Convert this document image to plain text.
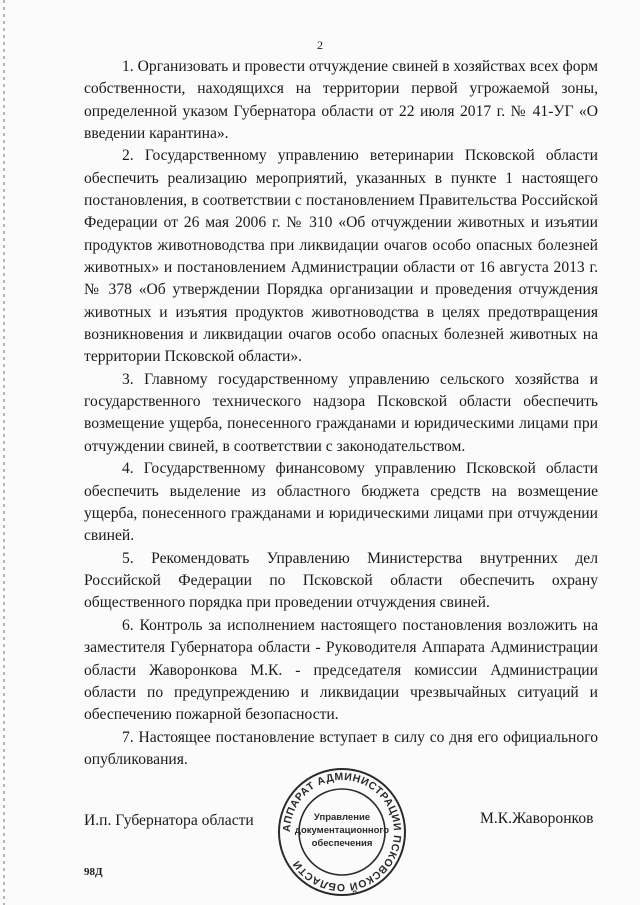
2

1. Организовать и провести отчуждение свиней в хозяйствах всех форм собственности, находящихся на территории первой угрожаемой зоны, определенной указом Губернатора области от 22 июля 2017 г. № 41-УГ «О введении карантина».

2. Государственному управлению ветеринарии Псковской области обеспечить реализацию мероприятий, указанных в пункте 1 настоящего постановления, в соответствии с постановлением Правительства Российской Федерации от 26 мая 2006 г. № 310 «Об отчуждении животных и изъятии продуктов животноводства при ликвидации очагов особо опасных болезней животных» и постановлением Администрации области от 16 августа 2013 г. № 378 «Об утверждении Порядка организации и проведения отчуждения животных и изъятия продуктов животноводства в целях предотвращения возникновения и ликвидации очагов особо опасных болезней животных на территории Псковской области».

3. Главному государственному управлению сельского хозяйства и государственного технического надзора Псковской области обеспечить возмещение ущерба, понесенного гражданами и юридическими лицами при отчуждении свиней, в соответствии с законодательством.

4. Государственному финансовому управлению Псковской области обеспечить выделение из областного бюджета средств на возмещение ущерба, понесенного гражданами и юридическими лицами при отчуждении свиней.

5. Рекомендовать Управлению Министерства внутренних дел Российской Федерации по Псковской области обеспечить охрану общественного порядка при проведении отчуждения свиней.

6. Контроль за исполнением настоящего постановления возложить на заместителя Губернатора области - Руководителя Аппарата Администрации области Жаворонкова М.К. - председателя комиссии Администрации области по предупреждению и ликвидации чрезвычайных ситуаций и обеспечению пожарной безопасности.

7. Настоящее постановление вступает в силу со дня его официального опубликования.

И.п. Губернатора области	АППАРАТ АДМИНИСТРАЦИИ ПСКОВСКОЙ ОБЛАСТИ
Управление
документационного
обеспечения
М.К.Жаворонков
98Д
